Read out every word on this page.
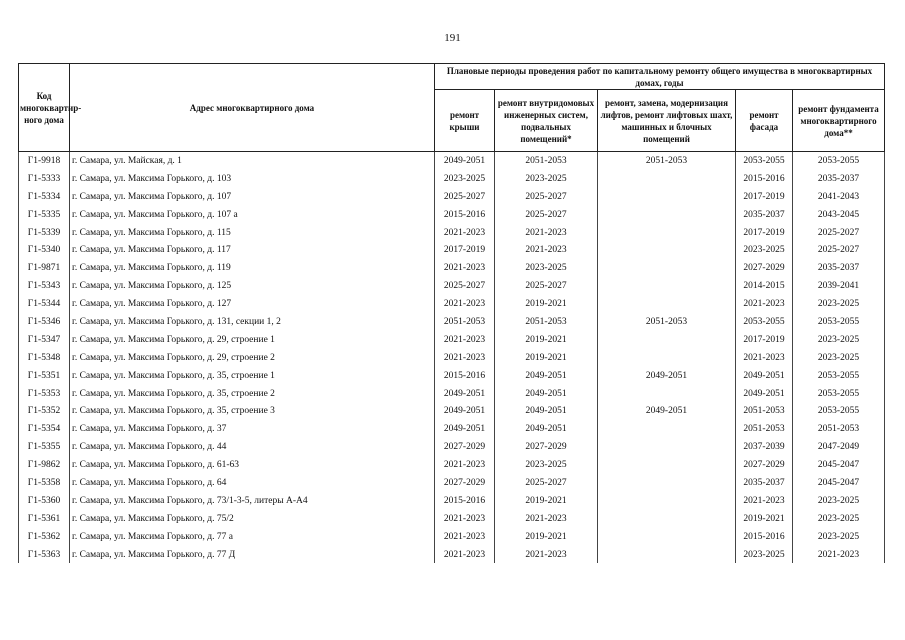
191
Код многоквартир-ного дома	Адрес многоквартирного дома	Плановые периоды проведения работ по капитальному ремонту общего имущества в многоквартирных домах, годы				
		ремонт крыши	ремонт внутридомовых инженерных систем, подвальных помещений*	ремонт, замена, модернизация лифтов, ремонт лифтовых шахт, машинных и блочных помещений	ремонт фасада	ремонт фундамента многоквартирного дома**
Г1-9918	г. Самара, ул. Майская, д. 1	2049-2051	2051-2053	2051-2053	2053-2055	2053-2055
Г1-5333	г. Самара, ул. Максима Горького, д. 103	2023-2025	2023-2025		2015-2016	2035-2037
Г1-5334	г. Самара, ул. Максима Горького, д. 107	2025-2027	2025-2027		2017-2019	2041-2043
Г1-5335	г. Самара, ул. Максима Горького, д. 107 а	2015-2016	2025-2027		2035-2037	2043-2045
Г1-5339	г. Самара, ул. Максима Горького, д. 115	2021-2023	2021-2023		2017-2019	2025-2027
Г1-5340	г. Самара, ул. Максима Горького, д. 117	2017-2019	2021-2023		2023-2025	2025-2027
Г1-9871	г. Самара, ул. Максима Горького, д. 119	2021-2023	2023-2025		2027-2029	2035-2037
Г1-5343	г. Самара, ул. Максима Горького, д. 125	2025-2027	2025-2027		2014-2015	2039-2041
Г1-5344	г. Самара, ул. Максима Горького, д. 127	2021-2023	2019-2021		2021-2023	2023-2025
Г1-5346	г. Самара, ул. Максима Горького, д. 131, секции 1, 2	2051-2053	2051-2053	2051-2053	2053-2055	2053-2055
Г1-5347	г. Самара, ул. Максима Горького, д. 29, строение 1	2021-2023	2019-2021		2017-2019	2023-2025
Г1-5348	г. Самара, ул. Максима Горького, д. 29, строение 2	2021-2023	2019-2021		2021-2023	2023-2025
Г1-5351	г. Самара, ул. Максима Горького, д. 35, строение 1	2015-2016	2049-2051	2049-2051	2049-2051	2053-2055
Г1-5353	г. Самара, ул. Максима Горького, д. 35, строение 2	2049-2051	2049-2051		2049-2051	2053-2055
Г1-5352	г. Самара, ул. Максима Горького, д. 35, строение 3	2049-2051	2049-2051	2049-2051	2051-2053	2053-2055
Г1-5354	г. Самара, ул. Максима Горького, д. 37	2049-2051	2049-2051		2051-2053	2051-2053
Г1-5355	г. Самара, ул. Максима Горького, д. 44	2027-2029	2027-2029		2037-2039	2047-2049
Г1-9862	г. Самара, ул. Максима Горького, д. 61-63	2021-2023	2023-2025		2027-2029	2045-2047
Г1-5358	г. Самара, ул. Максима Горького, д. 64	2027-2029	2025-2027		2035-2037	2045-2047
Г1-5360	г. Самара, ул. Максима Горького, д. 73/1-3-5, литеры А-А4	2015-2016	2019-2021		2021-2023	2023-2025
Г1-5361	г. Самара, ул. Максима Горького, д. 75/2	2021-2023	2021-2023		2019-2021	2023-2025
Г1-5362	г. Самара, ул. Максима Горького, д. 77 а	2021-2023	2019-2021		2015-2016	2023-2025
Г1-5363	г. Самара, ул. Максима Горького, д. 77 Д	2021-2023	2021-2023		2023-2025	2021-2023
